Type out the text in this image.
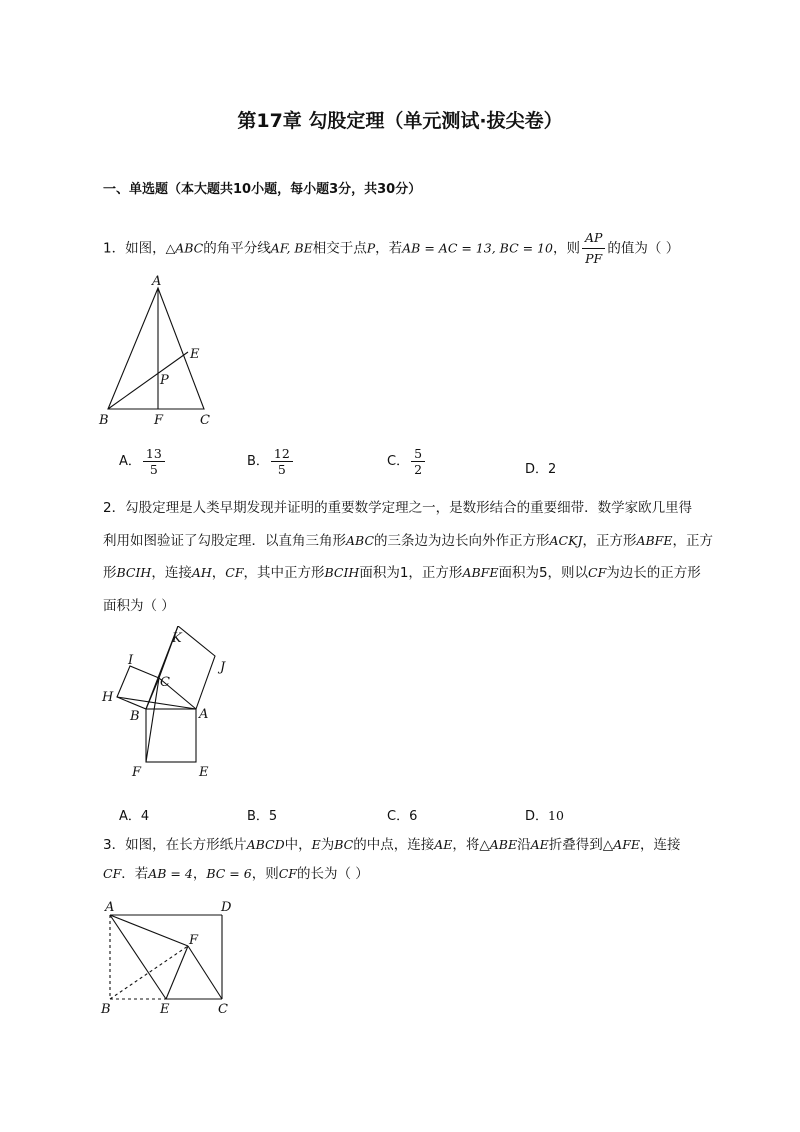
第17章 勾股定理（单元测试·拔尖卷）
一、单选题（本大题共10小题，每小题3分，共30分）
1．如图，△ABC的角平分线AF, BE相交于点P，若AB = AC = 13, BC = 10，则 $\frac{AP}{PF}$ 的值为（ ）
A
E
P
B	F	C
A． $\frac{13}{5}$	B． $\frac{12}{5}$	C． $\frac{5}{2}$	D．2
2．勾股定理是人类早期发现并证明的重要数学定理之一，是数形结合的重要细带．数学家欧几里得
利用如图验证了勾股定理．以直角三角形ABC的三条边为边长向外作正方形ACKJ，正方形ABFE，正方
形BCIH，连接AH，CF，其中正方形BCIH面积为1，正方形ABFE面积为5，则以CF为边长的正方形
面积为（ ）
K
J
I
C
H
B	A
F	E
A．4	B．5	C．6	D．10
3．如图，在长方形纸片ABCD中，E为BC的中点，连接AE，将△ABE沿AE折叠得到△AFE，连接
CF．若AB = 4，BC = 6，则CF的长为（ ）
A	D
F
B	E	C
